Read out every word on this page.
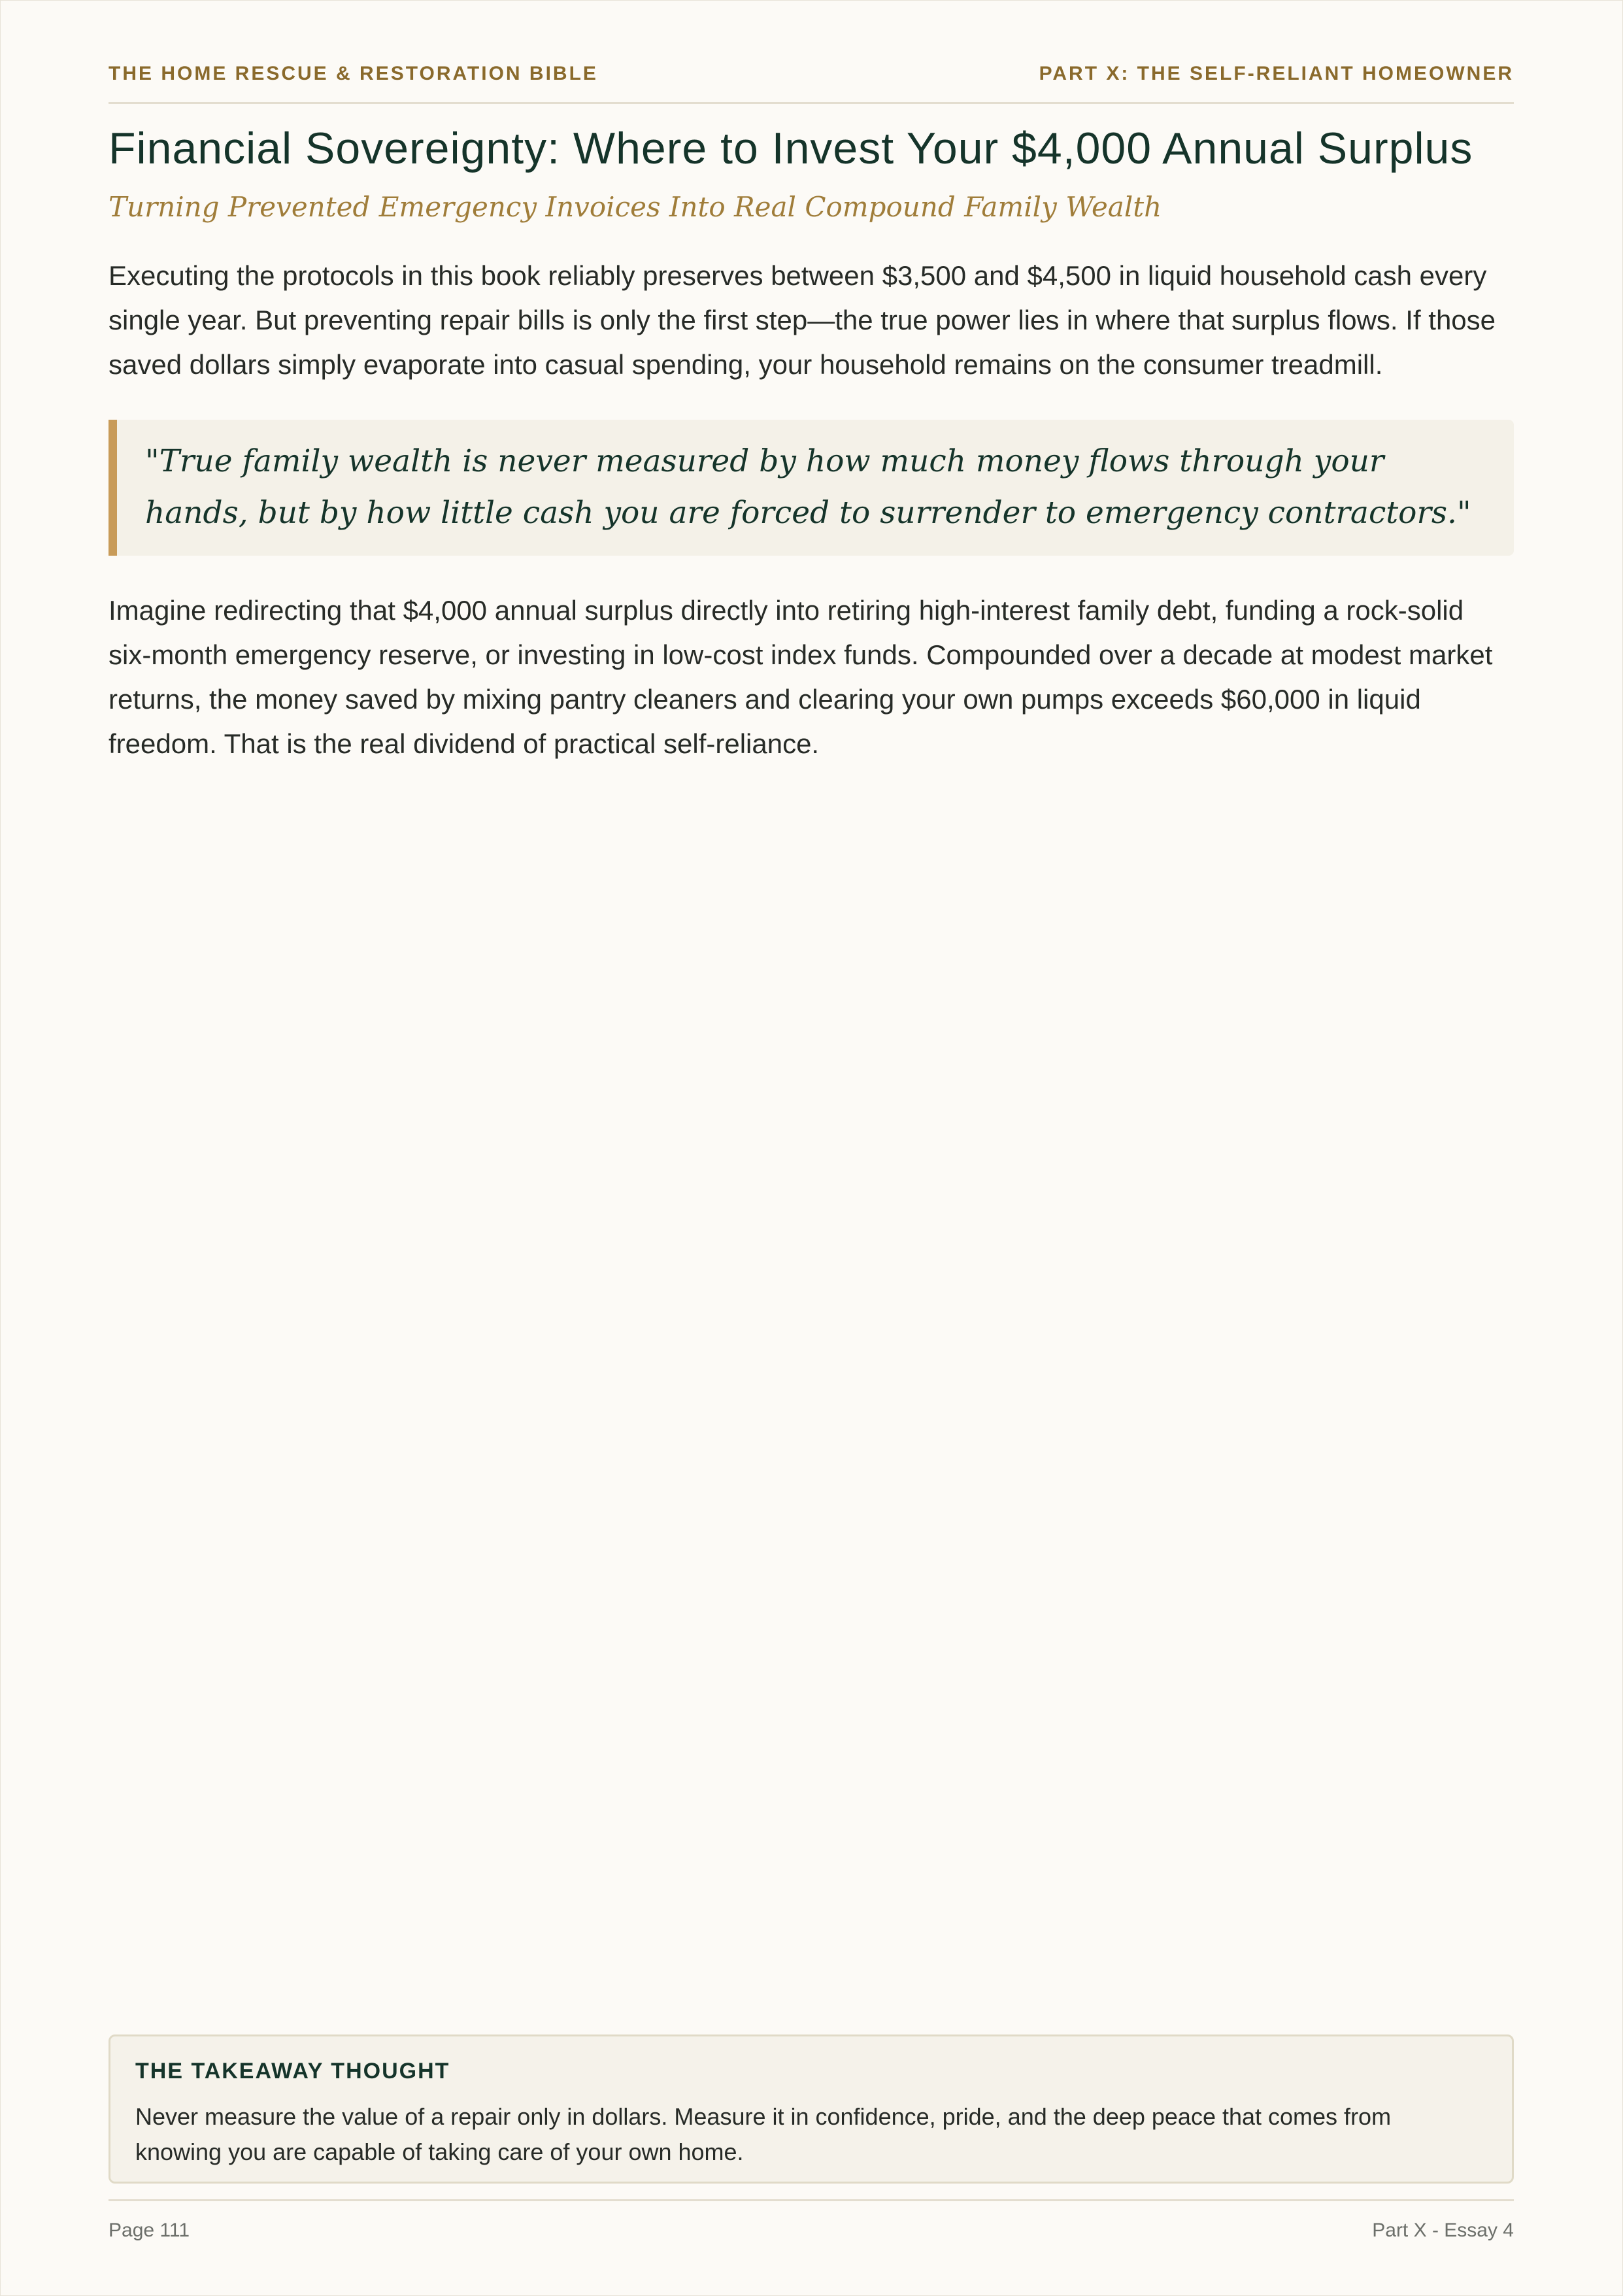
THE HOME RESCUE & RESTORATION BIBLE	PART X: THE SELF-RELIANT HOMEOWNER
Financial Sovereignty: Where to Invest Your $4,000 Annual Surplus

Turning Prevented Emergency Invoices Into Real Compound Family Wealth

Executing the protocols in this book reliably preserves between $3,500 and $4,500 in liquid household cash every single year. But preventing repair bills is only the first step—the true power lies in where that surplus flows. If those saved dollars simply evaporate into casual spending, your household remains on the consumer treadmill.

"True family wealth is never measured by how much money flows through your hands, but by how little cash you are forced to surrender to emergency contractors."

Imagine redirecting that $4,000 annual surplus directly into retiring high-interest family debt, funding a rock-solid six-month emergency reserve, or investing in low-cost index funds. Compounded over a decade at modest market returns, the money saved by mixing pantry cleaners and clearing your own pumps exceeds $60,000 in liquid freedom. That is the real dividend of practical self-reliance.

THE TAKEAWAY THOUGHT

Never measure the value of a repair only in dollars. Measure it in confidence, pride, and the deep peace that comes from knowing you are capable of taking care of your own home.

Page 111	Part X - Essay 4
